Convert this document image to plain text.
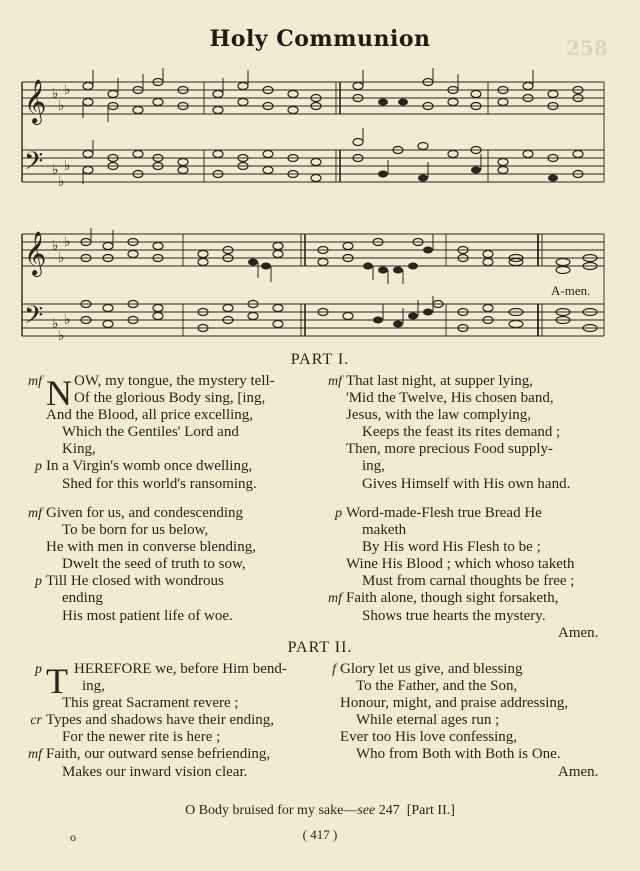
Holy Communion	258
𝄞
𝄢
♭
♭
♭
♭
♭
♭
𝄞
𝄢
♭
♭
♭
♭
♭
♭
A-men.
PART I.
N
mf OW, my tongue, the mystery tell-
Of the glorious Body sing, [ing,
And the Blood, all price excelling,
Which the Gentiles' Lord and
King,
p In a Virgin's womb once dwelling,
Shed for this world's ransoming.
mf Given for us, and condescending
To be born for us below,
He with men in converse blending,
Dwelt the seed of truth to sow,
p Till He closed with wondrous
ending
His most patient life of woe.
mf That last night, at supper lying,
'Mid the Twelve, His chosen band,
Jesus, with the law complying,
Keeps the feast its rites demand ;
Then, more precious Food supply-
ing,
Gives Himself with His own hand.
p Word-made-Flesh true Bread He
maketh
By His word His Flesh to be ;
Wine His Blood ; which whoso taketh
Must from carnal thoughts be free ;
mf Faith alone, though sight forsaketh,
Shows true hearts the mystery.
Amen.
PART II.
T
p HEREFORE we, before Him bend-
ing,
This great Sacrament revere ;
cr Types and shadows have their ending,
For the newer rite is here ;
mf Faith, our outward sense befriending,
Makes our inward vision clear.
f Glory let us give, and blessing
To the Father, and the Son,
Honour, might, and praise addressing,
While eternal ages run ;
Ever too His love confessing,
Who from Both with Both is One.
Amen.
O Body bruised for my sake—see 247 [Part II.]
o	( 417 )
